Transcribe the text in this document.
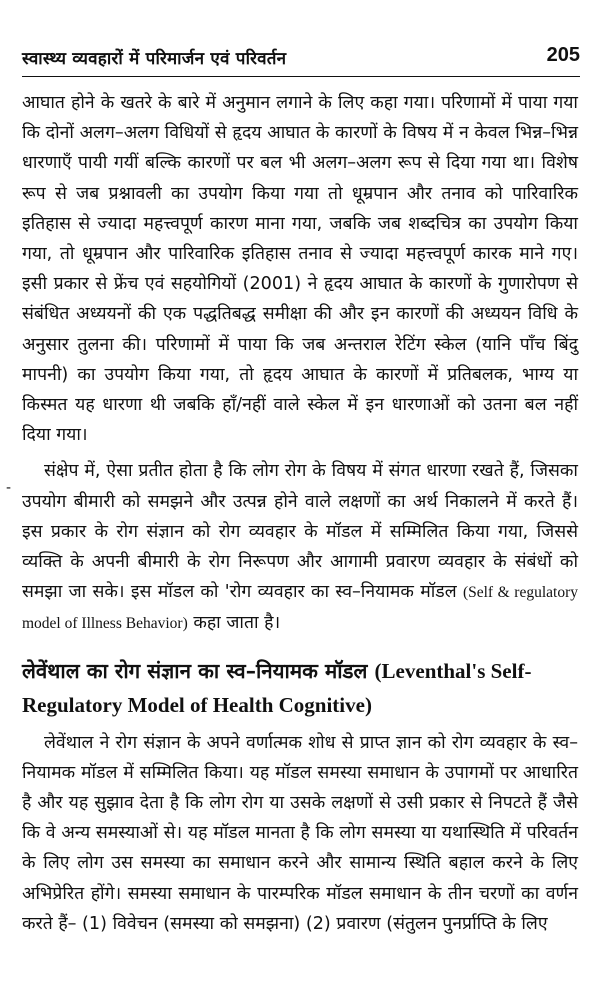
स्वास्थ्य व्यवहारों में परिमार्जन एवं परिवर्तन	205
-

आघात होने के खतरे के बारे में अनुमान लगाने के लिए कहा गया। परिणामों में पाया गया कि दोनों अलग–अलग विधियों से हृदय आघात के कारणों के विषय में न केवल भिन्न–भिन्न धारणाएँ पायी गयीं बल्कि कारणों पर बल भी अलग–अलग रूप से दिया गया था। विशेष रूप से जब प्रश्नावली का उपयोग किया गया तो धूम्रपान और तनाव को पारिवारिक इतिहास से ज्यादा महत्त्वपूर्ण कारण माना गया, जबकि जब शब्दचित्र का उपयोग किया गया, तो धूम्रपान और पारिवारिक इतिहास तनाव से ज्यादा महत्त्वपूर्ण कारक माने गए। इसी प्रकार से फ्रेंच एवं सहयोगियों (2001) ने हृदय आघात के कारणों के गुणारोपण से संबंधित अध्ययनों की एक पद्धतिबद्ध समीक्षा की और इन कारणों की अध्ययन विधि के अनुसार तुलना की। परिणामों में पाया कि जब अन्तराल रेटिंग स्केल (यानि पाँच बिंदु मापनी) का उपयोग किया गया, तो हृदय आघात के कारणों में प्रतिबलक, भाग्य या किस्मत यह धारणा थी जबकि हाँ/नहीं वाले स्केल में इन धारणाओं को उतना बल नहीं दिया गया।

संक्षेप में, ऐसा प्रतीत होता है कि लोग रोग के विषय में संगत धारणा रखते हैं, जिसका उपयोग बीमारी को समझने और उत्पन्न होने वाले लक्षणों का अर्थ निकालने में करते हैं। इस प्रकार के रोग संज्ञान को रोग व्यवहार के मॉडल में सम्मिलित किया गया, जिससे व्यक्ति के अपनी बीमारी के रोग निरूपण और आगामी प्रवारण व्यवहार के संबंधों को समझा जा सके। इस मॉडल को 'रोग व्यवहार का स्व–नियामक मॉडल (Self & regulatory model of Illness Behavior) कहा जाता है।

लेवेंथाल का रोग संज्ञान का स्व–नियामक मॉडल (Leventhal's Self-Regulatory Model of Health Cognitive)

लेवेंथाल ने रोग संज्ञान के अपने वर्णात्मक शोध से प्राप्त ज्ञान को रोग व्यवहार के स्व–नियामक मॉडल में सम्मिलित किया। यह मॉडल समस्या समाधान के उपागमों पर आधारित है और यह सुझाव देता है कि लोग रोग या उसके लक्षणों से उसी प्रकार से निपटते हैं जैसे कि वे अन्य समस्याओं से। यह मॉडल मानता है कि लोग समस्या या यथास्थिति में परिवर्तन के लिए लोग उस समस्या का समाधान करने और सामान्य स्थिति बहाल करने के लिए अभिप्रेरित होंगे। समस्या समाधान के पारम्परिक मॉडल समाधान के तीन चरणों का वर्णन करते हैं– (1) विवेचन (समस्या को समझना) (2) प्रवारण (संतुलन पुनर्प्राप्ति के लिए
